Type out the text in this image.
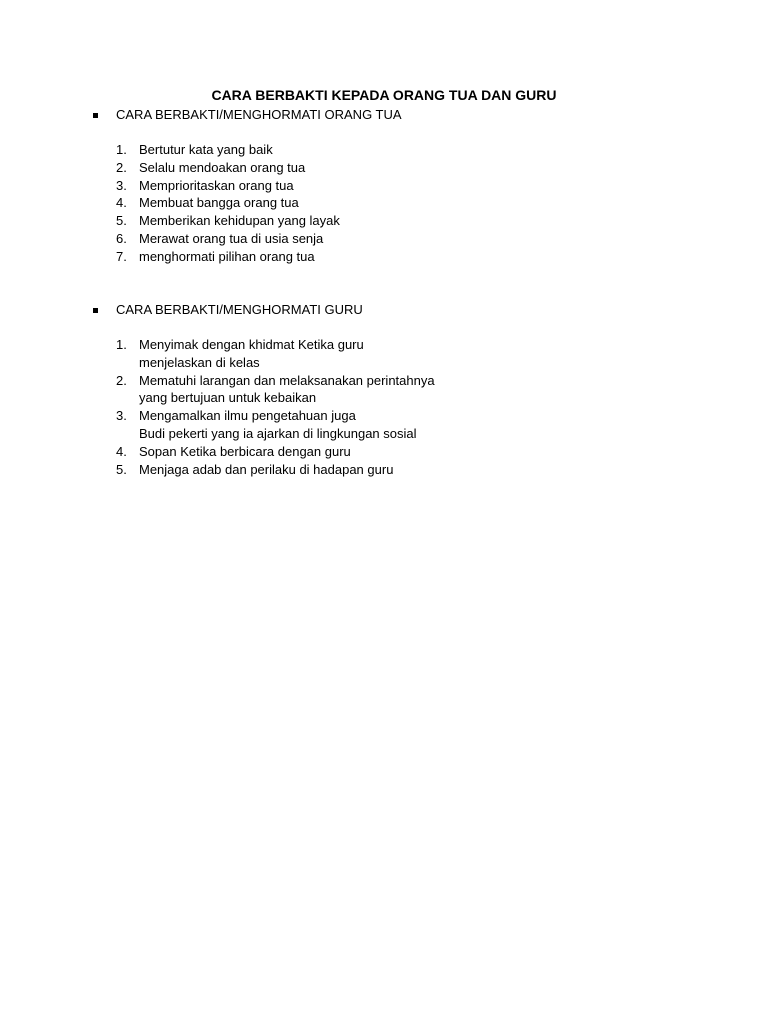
CARA BERBAKTI KEPADA ORANG TUA DAN GURU
CARA BERBAKTI/MENGHORMATI ORANG TUA
1. Bertutur kata yang baik
2. Selalu mendoakan orang tua
3. Memprioritaskan orang tua
4. Membuat bangga orang tua
5. Memberikan kehidupan yang layak
6. Merawat orang tua di usia senja
7. menghormati pilihan orang tua
CARA BERBAKTI/MENGHORMATI GURU
1. Menyimak dengan khidmat Ketika guru
menjelaskan di kelas
2. Mematuhi larangan dan melaksanakan perintahnya
yang bertujuan untuk kebaikan
3. Mengamalkan ilmu pengetahuan juga
Budi pekerti yang ia ajarkan di lingkungan sosial
4. Sopan Ketika berbicara dengan guru
5. Menjaga adab dan perilaku di hadapan guru
